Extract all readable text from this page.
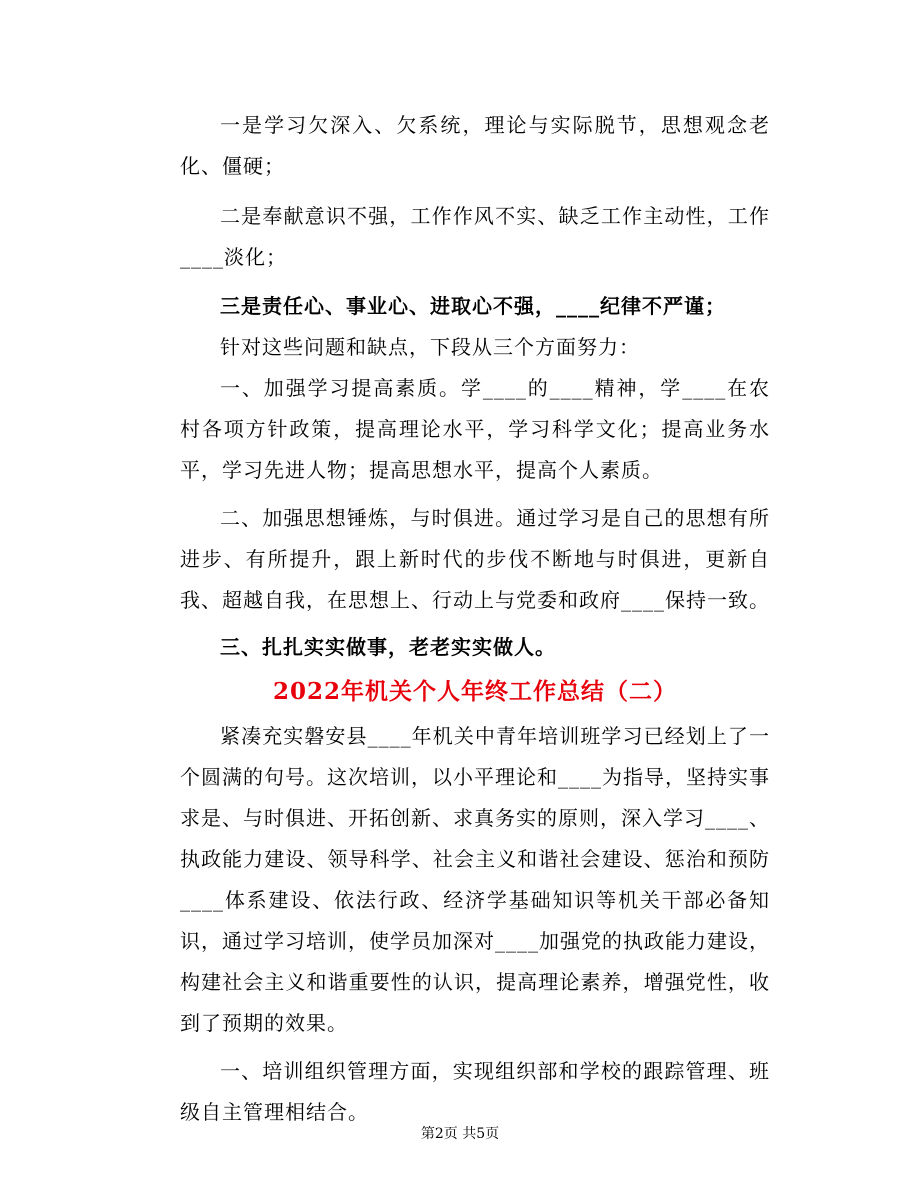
一是学习欠深入、欠系统，理论与实际脱节，思想观念老化、僵硬；

二是奉献意识不强，工作作风不实、缺乏工作主动性，工作____淡化；

三是责任心、事业心、进取心不强，____纪律不严谨；

针对这些问题和缺点，下段从三个方面努力：

一、加强学习提高素质。学____的____精神，学____在农村各项方针政策，提高理论水平，学习科学文化；提高业务水平，学习先进人物；提高思想水平，提高个人素质。

二、加强思想锤炼，与时俱进。通过学习是自己的思想有所进步、有所提升，跟上新时代的步伐不断地与时俱进，更新自我、超越自我，在思想上、行动上与党委和政府____保持一致。

三、扎扎实实做事，老老实实做人。

2022年机关个人年终工作总结（二）

紧凑充实磐安县____年机关中青年培训班学习已经划上了一个圆满的句号。这次培训，以小平理论和____为指导，坚持实事求是、与时俱进、开拓创新、求真务实的原则，深入学习____、执政能力建设、领导科学、社会主义和谐社会建设、惩治和预防____体系建设、依法行政、经济学基础知识等机关干部必备知识，通过学习培训，使学员加深对____加强党的执政能力建设，构建社会主义和谐重要性的认识，提高理论素养，增强党性，收到了预期的效果。

一、培训组织管理方面，实现组织部和学校的跟踪管理、班级自主管理相结合。

第2页 共5页
